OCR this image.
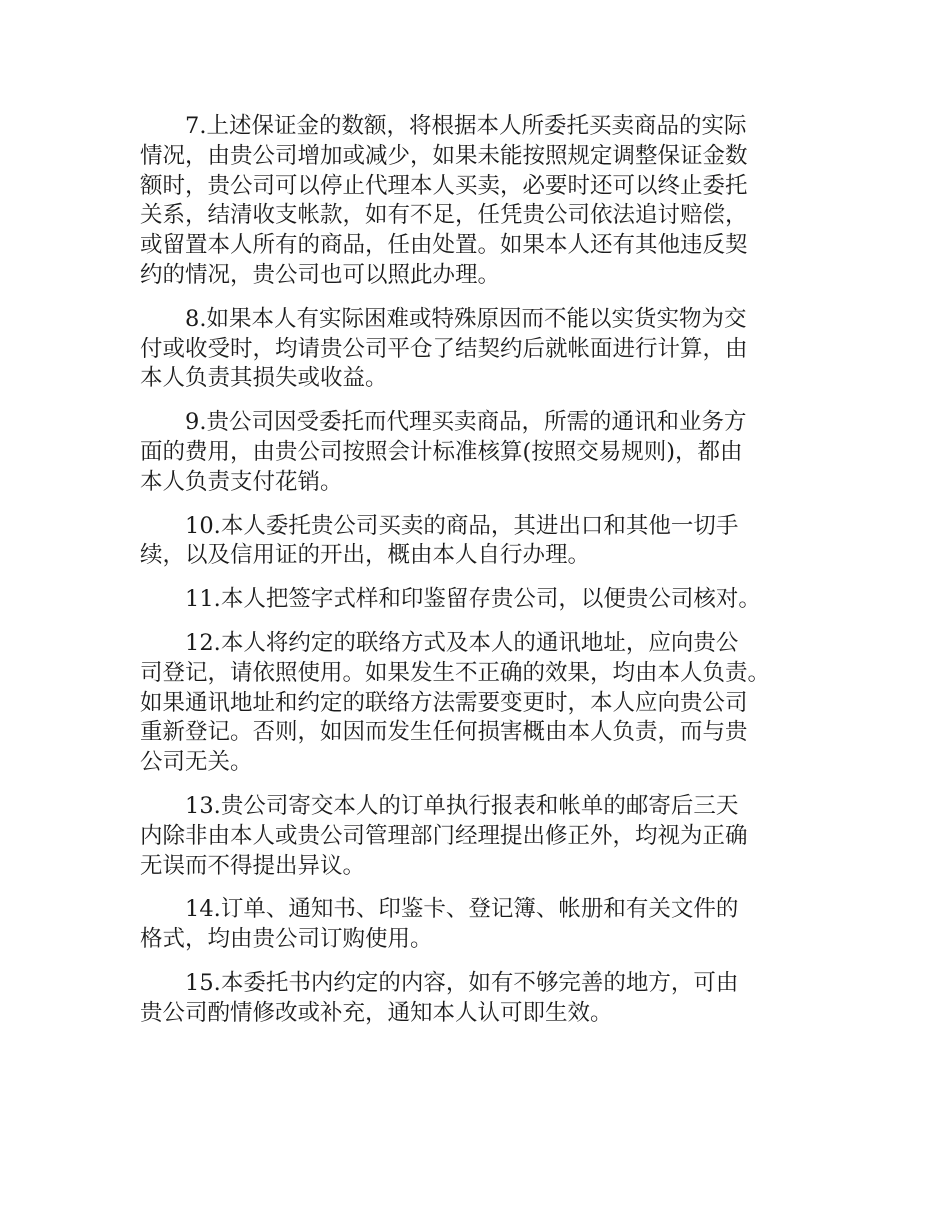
　　7.上述保证金的数额，将根据本人所委托买卖商品的实际
情况，由贵公司增加或减少，如果未能按照规定调整保证金数
额时，贵公司可以停止代理本人买卖，必要时还可以终止委托
关系，结清收支帐款，如有不足，任凭贵公司依法追讨赔偿，
或留置本人所有的商品，任由处置。如果本人还有其他违反契
约的情况，贵公司也可以照此办理。

　　8.如果本人有实际困难或特殊原因而不能以实货实物为交
付或收受时，均请贵公司平仓了结契约后就帐面进行计算，由
本人负责其损失或收益。

　　9.贵公司因受委托而代理买卖商品，所需的通讯和业务方
面的费用，由贵公司按照会计标准核算(按照交易规则)，都由
本人负责支付花销。

　　10.本人委托贵公司买卖的商品，其进出口和其他一切手
续，以及信用证的开出，概由本人自行办理。

　　11.本人把签字式样和印鉴留存贵公司，以便贵公司核对。

　　12.本人将约定的联络方式及本人的通讯地址，应向贵公
司登记，请依照使用。如果发生不正确的效果，均由本人负责。
如果通讯地址和约定的联络方法需要变更时，本人应向贵公司
重新登记。否则，如因而发生任何损害概由本人负责，而与贵
公司无关。

　　13.贵公司寄交本人的订单执行报表和帐单的邮寄后三天
内除非由本人或贵公司管理部门经理提出修正外，均视为正确
无误而不得提出异议。

　　14.订单、通知书、印鉴卡、登记簿、帐册和有关文件的
格式，均由贵公司订购使用。

　　15.本委托书内约定的内容，如有不够完善的地方，可由
贵公司酌情修改或补充，通知本人认可即生效。
